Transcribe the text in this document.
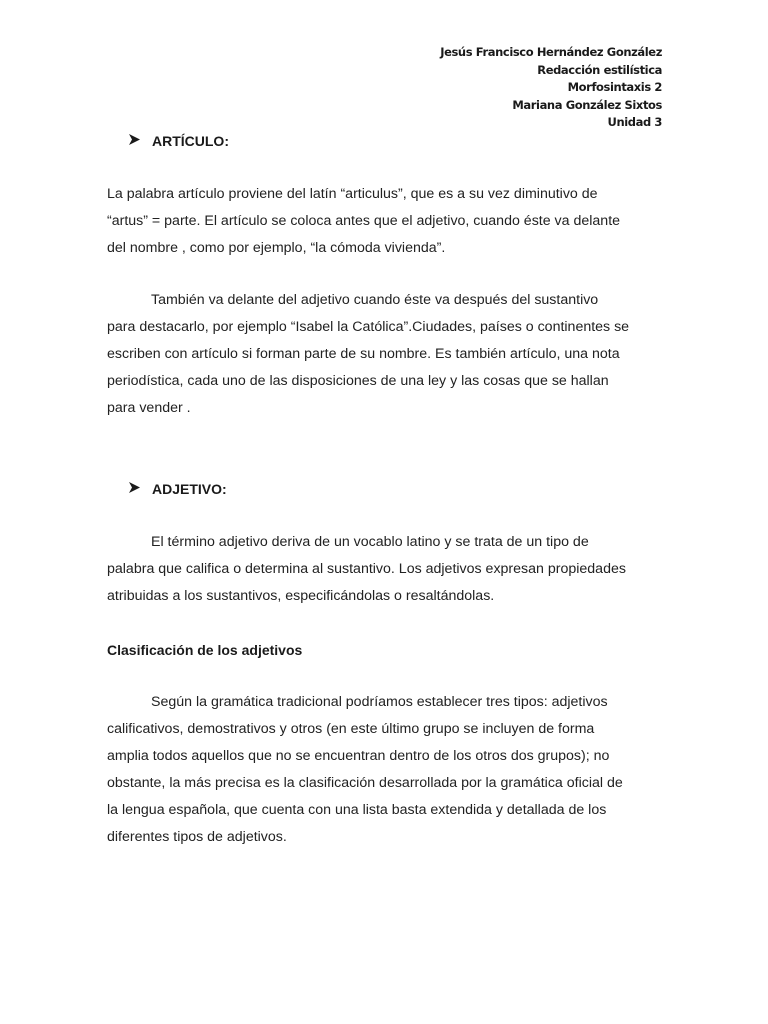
Jesús Francisco Hernández González
Redacción estilística
Morfosintaxis 2
Mariana González Sixtos
Unidad 3
ARTÍCULO:
La palabra artículo proviene del latín “articulus”, que es a su vez diminutivo de
“artus” = parte. El artículo se coloca antes que el adjetivo, cuando éste va delante
del nombre , como por ejemplo, “la cómoda vivienda”.
También va delante del adjetivo cuando éste va después del sustantivo
para destacarlo, por ejemplo “Isabel la Católica”.Ciudades, países o continentes se
escriben con artículo si forman parte de su nombre. Es también artículo, una nota
periodística, cada uno de las disposiciones de una ley y las cosas que se hallan
para vender .
ADJETIVO:
El término adjetivo deriva de un vocablo latino y se trata de un tipo de
palabra que califica o determina al sustantivo. Los adjetivos expresan propiedades
atribuidas a los sustantivos, especificándolas o resaltándolas.
Clasificación de los adjetivos
Según la gramática tradicional podríamos establecer tres tipos: adjetivos
calificativos, demostrativos y otros (en este último grupo se incluyen de forma
amplia todos aquellos que no se encuentran dentro de los otros dos grupos); no
obstante, la más precisa es la clasificación desarrollada por la gramática oficial de
la lengua española, que cuenta con una lista basta extendida y detallada de los
diferentes tipos de adjetivos.
